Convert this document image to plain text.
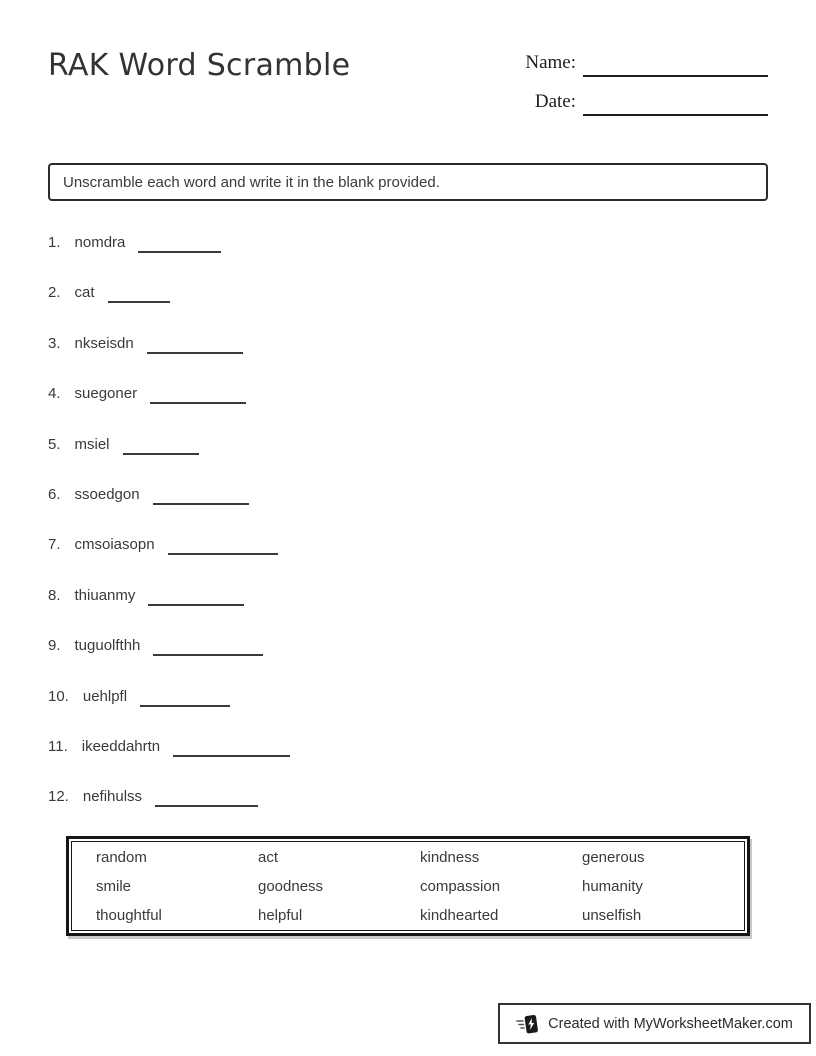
RAK Word Scramble	Name:
Date:
Unscramble each word and write it in the blank provided.
1. nomdra
2. cat
3. nkseisdn
4. suegoner
5. msiel
6. ssoedgon
7. cmsoiasopn
8. thiuanmy
9. tuguolfthh
10. uehlpfl
11. ikeeddahrtn
12. nefihulss
random	act	kindness	generous
smile	goodness	compassion	humanity
thoughtful	helpful	kindhearted	unselfish
Created with MyWorksheetMaker.com
